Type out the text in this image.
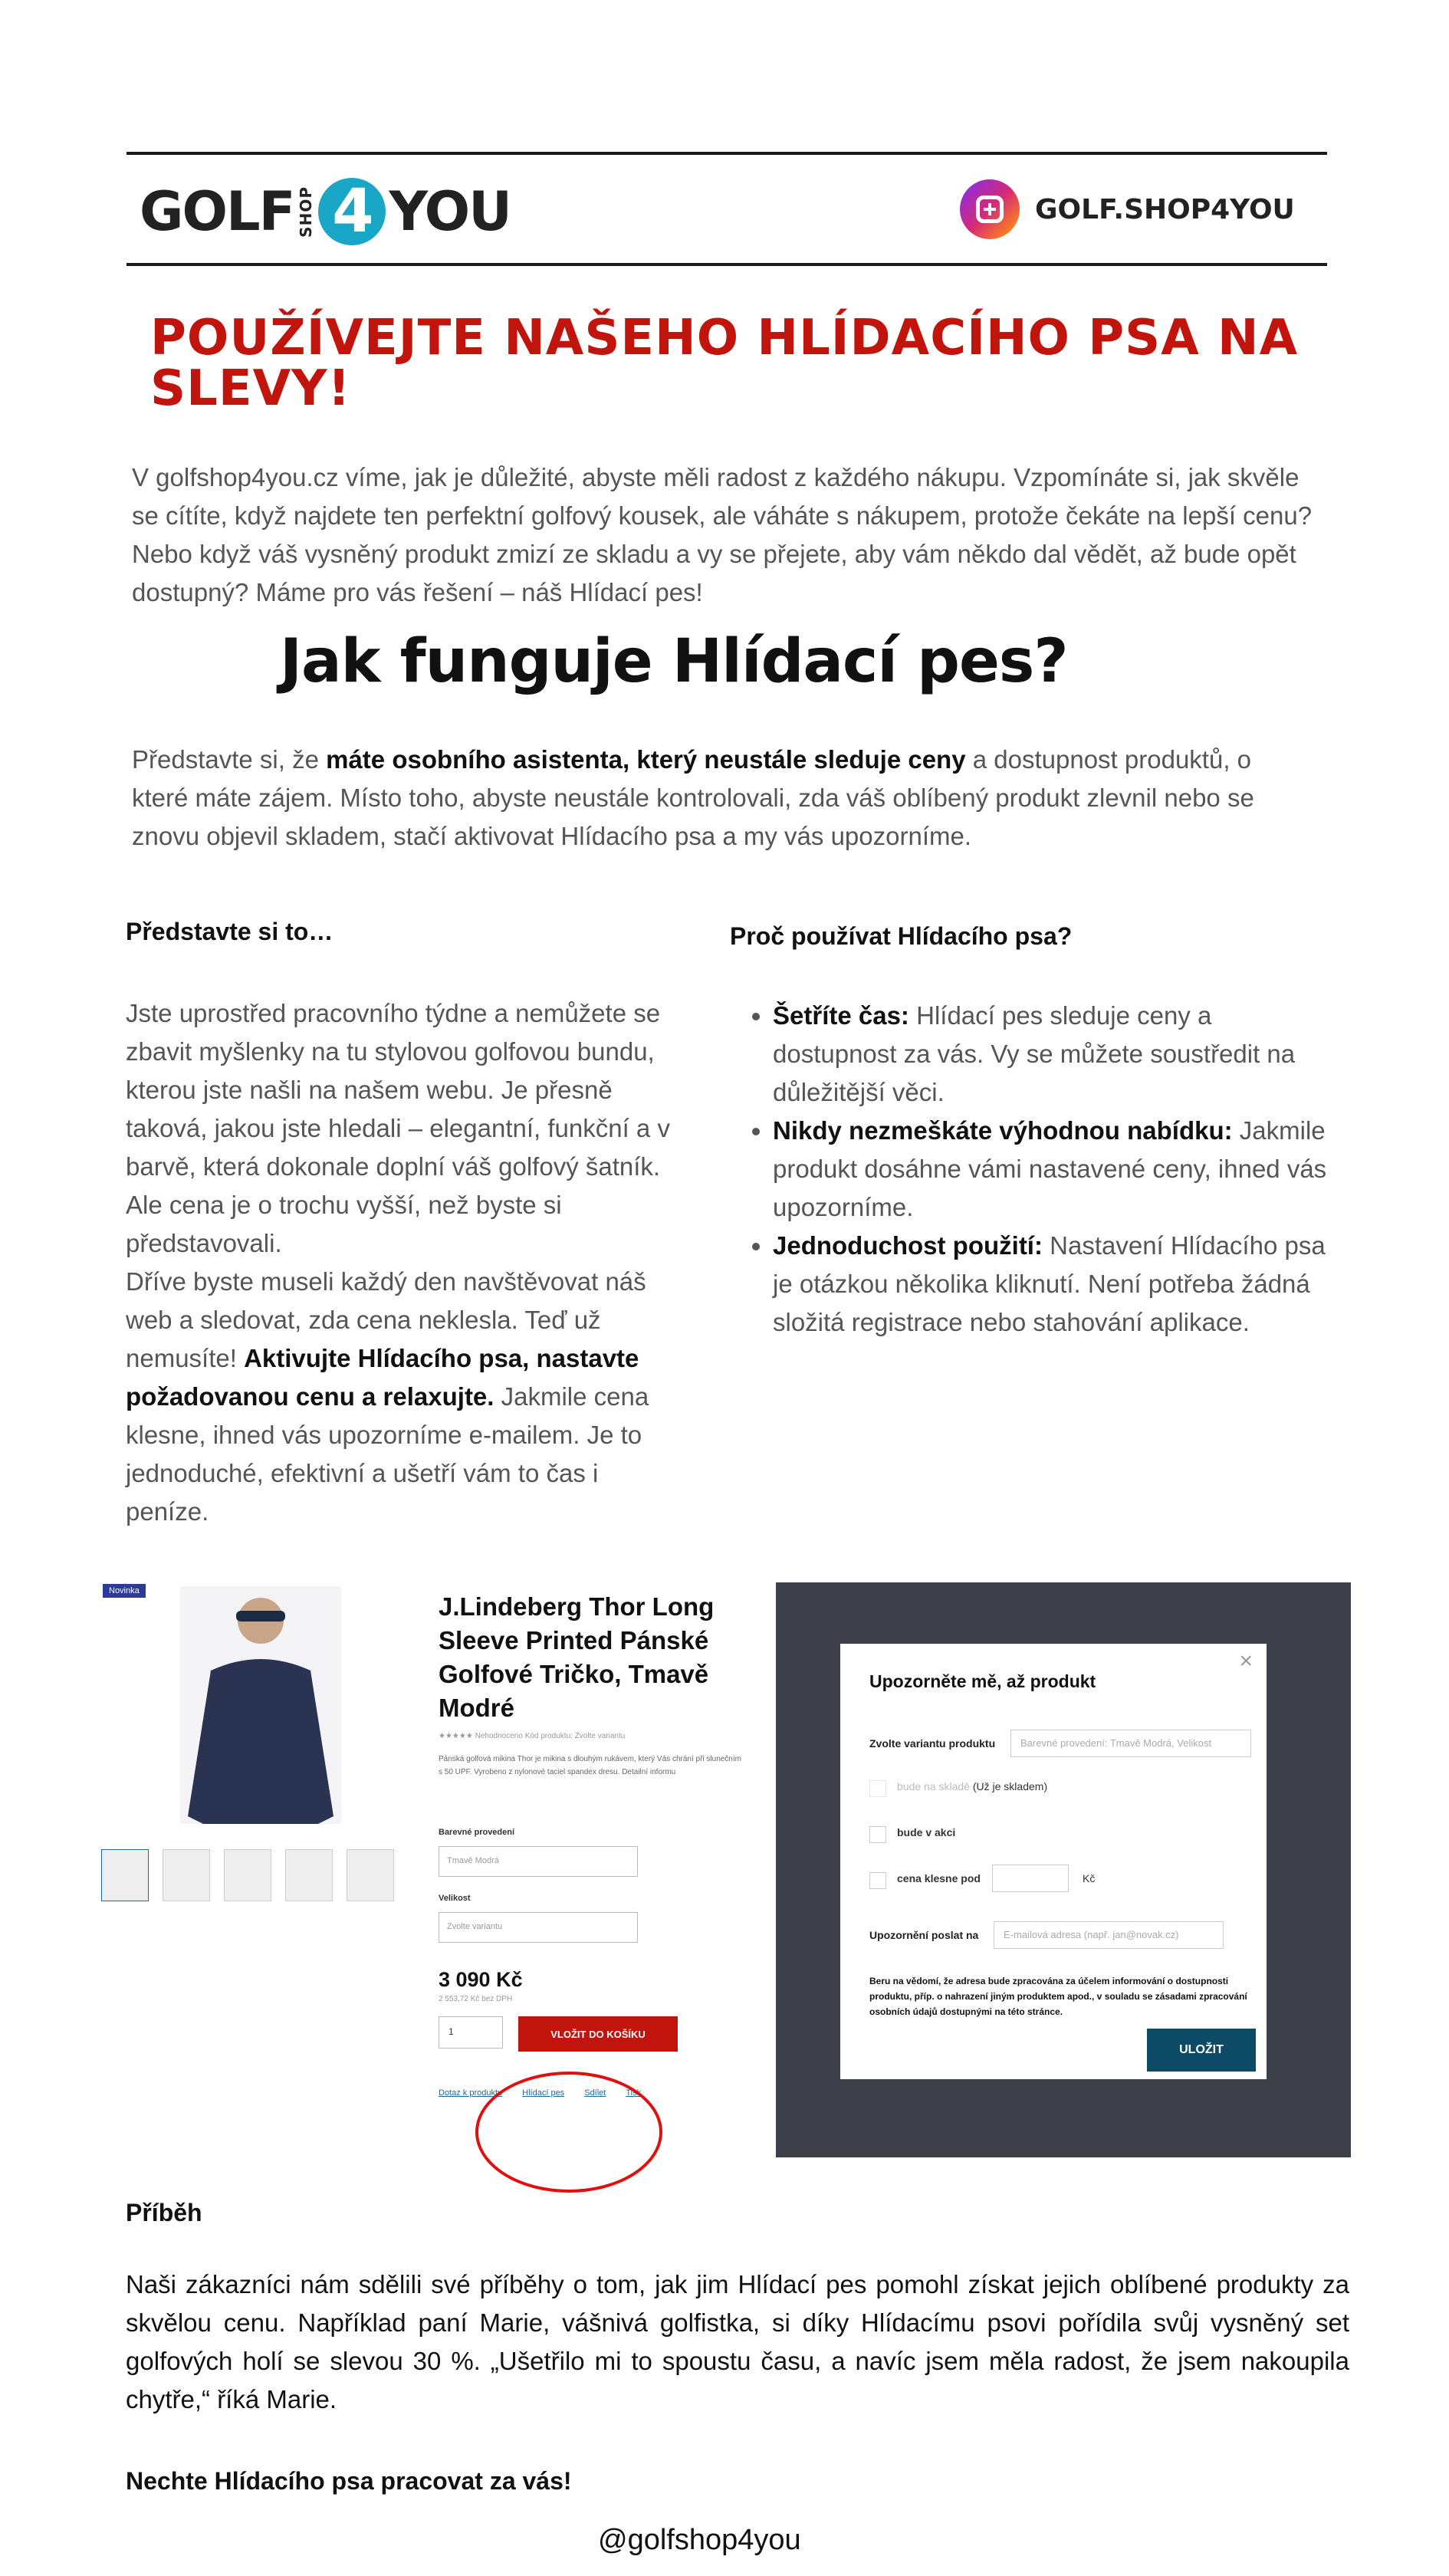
GOLF SHOP 4 YOU	GOLF.SHOP4YOU
POUŽÍVEJTE NAŠEHO HLÍDACÍHO PSA NA SLEVY!
V golfshop4you.cz víme, jak je důležité, abyste měli radost z každého nákupu. Vzpomínáte si, jak skvěle se cítíte, když najdete ten perfektní golfový kousek, ale váháte s nákupem, protože čekáte na lepší cenu? Nebo když váš vysněný produkt zmizí ze skladu a vy se přejete, aby vám někdo dal vědět, až bude opět dostupný? Máme pro vás řešení – náš Hlídací pes!
Jak funguje Hlídací pes?
Představte si, že máte osobního asistenta, který neustále sleduje ceny a dostupnost produktů, o které máte zájem. Místo toho, abyste neustále kontrolovali, zda váš oblíbený produkt zlevnil nebo se znovu objevil skladem, stačí aktivovat Hlídacího psa a my vás upozorníme.
Představte si to…
Jste uprostřed pracovního týdne a nemůžete se zbavit myšlenky na tu stylovou golfovou bundu, kterou jste našli na našem webu. Je přesně taková, jakou jste hledali – elegantní, funkční a v barvě, která dokonale doplní váš golfový šatník. Ale cena je o trochu vyšší, než byste si představovali.
Dříve byste museli každý den navštěvovat náš web a sledovat, zda cena neklesla. Teď už nemusíte! Aktivujte Hlídacího psa, nastavte požadovanou cenu a relaxujte. Jakmile cena klesne, ihned vás upozorníme e-mailem. Je to jednoduché, efektivní a ušetří vám to čas i peníze.
Proč používat Hlídacího psa?
• Šetříte čas: Hlídací pes sleduje ceny a dostupnost za vás. Vy se můžete soustředit na důležitější věci.
• Nikdy nezmeškáte výhodnou nabídku: Jakmile produkt dosáhne vámi nastavené ceny, ihned vás upozorníme.
• Jednoduchost použití: Nastavení Hlídacího psa je otázkou několika kliknutí. Není potřeba žádná složitá registrace nebo stahování aplikace.
Novinka
J.Lindeberg Thor Long Sleeve Printed Pánské Golfové Tričko, Tmavě Modré
★★★★★ Nehodnoceno Kód produktu: Zvolte variantu
Pánská golfová mikina Thor je mikina s dlouhým rukávem, který Vás chrání při slunečním s 50 UPF. Vyrobeno z nylonové taciel spandex dresu. Detailní informu
Barevné provedení
Tmavě Modrá
Velikost
Zvolte variantu
3 090 Kč
2 553,72 Kč bez DPH
1	VLOŽIT DO KOŠÍKU
Dotaz k produktu Hlídací pes Sdílet Tisk
×
Upozorněte mě, až produkt
Zvolte variantu produktu	Barevné provedení: Tmavě Modrá, Velikost
bude na skladě (Už je skladem)
bude v akci
cena klesne pod	Kč
Upozornění poslat na	E-mailová adresa (např. jan@novak.cz)
Beru na vědomí, že adresa bude zpracována za účelem informování o dostupnosti produktu, příp. o nahrazení jiným produktem apod., v souladu se zásadami zpracování osobních údajů dostupnými na této stránce.
ULOŽIT
Příběh
Naši zákazníci nám sdělili své příběhy o tom, jak jim Hlídací pes pomohl získat jejich oblíbené produkty za skvělou cenu. Například paní Marie, vášnivá golfistka, si díky Hlídacímu psovi pořídila svůj vysněný set golfových holí se slevou 30 %. „Ušetřilo mi to spoustu času, a navíc jsem měla radost, že jsem nakoupila chytře,“ říká Marie.
Nechte Hlídacího psa pracovat za vás!
@golfshop4you
